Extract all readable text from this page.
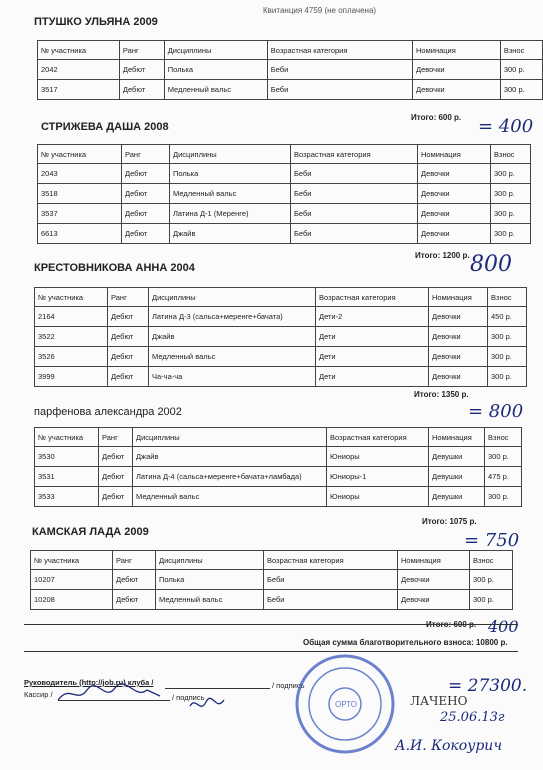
Квитанция 4759 (не оплачена)
ПТУШКО УЛЬЯНА 2009
№ участника	Ранг	Дисциплины	Возрастная категория	Номинация	Взнос
2042	Дебют	Полька	Беби	Девочки	300 р.
3517	Дебют	Медленный вальс	Беби	Девочки	300 р.
Итого: 600 р. = 400
СТРИЖЕВА ДАША 2008
№ участника	Ранг	Дисциплины	Возрастная категория	Номинация	Взнос
2043	Дебют	Полька	Беби	Девочки	300 р.
3518	Дебют	Медленный вальс	Беби	Девочки	300 р.
3537	Дебют	Латина Д-1 (Меренге)	Беби	Девочки	300 р.
6613	Дебют	Джайв	Беби	Девочки	300 р.
Итого: 1200 р. 800
КРЕСТОВНИКОВА АННА 2004
№ участника	Ранг	Дисциплины	Возрастная категория	Номинация	Взнос
2164	Дебют	Латина Д-3 (сальса+меренге+бачата)	Дети-2	Девочки	450 р.
3522	Дебют	Джайв	Дети	Девочки	300 р.
3526	Дебют	Медленный вальс	Дети	Девочки	300 р.
3999	Дебют	Ча-ча-ча	Дети	Девочки	300 р.
Итого: 1350 р.
= 800
парфенова александра 2002
№ участника	Ранг	Дисциплины	Возрастная категория	Номинация	Взнос
3530	Дебют	Джайв	Юниоры	Девушки	300 р.
3531	Дебют	Латина Д-4 (сальса+меренге+бачата+ламбада)	Юниоры-1	Девушки	475 р.
3533	Дебют	Медленный вальс	Юниоры	Девушки	300 р.
Итого: 1075 р.
= 750
КАМСКАЯ ЛАДА 2009
№ участника	Ранг	Дисциплины	Возрастная категория	Номинация	Взнос
10207	Дебют	Полька	Беби	Девочки	300 р.
10208	Дебют	Медленный вальс	Беби	Девочки	300 р.
Итого: 600 р. 400
Общая сумма благотворительного взноса: 10800 р.
Руководитель (http://job.ru) клуба /	/ подпись
Кассир /	/ подпись
ОРТО
= 27300.
ЛАЧЕНО
25.06.13г
А.И. Кокоурич
